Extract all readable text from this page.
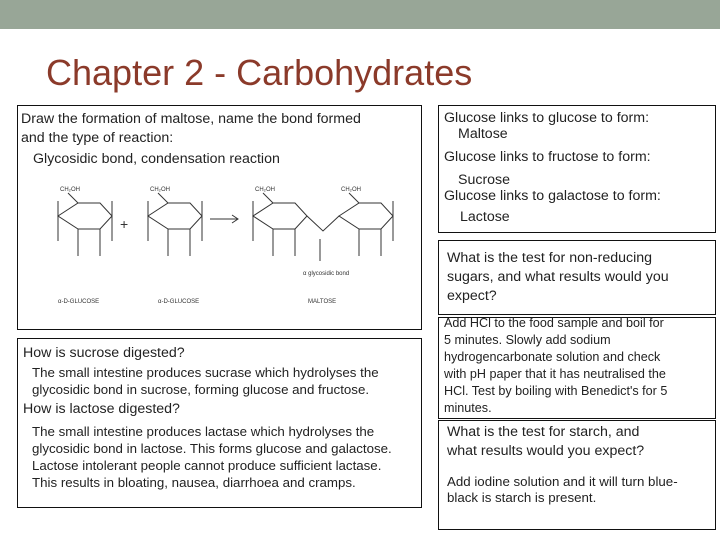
Chapter 2 - Carbohydrates
Draw the formation of maltose, name the bond formed
and the type of reaction:
Glycosidic bond, condensation reaction
CH₂OH	CH₂OH	CH₂OH	CH₂OH
α glycosidic bond
α-D-GLUCOSE	α-D-GLUCOSE	MALTOSE
+
Glucose links to glucose to form:
Maltose
Glucose links to fructose to form:
Sucrose
Glucose links to galactose to form:
Lactose
What is the test for non-reducing
sugars, and what results would you
expect?
Add HCl to the food sample and boil for
5 minutes. Slowly add sodium
hydrogencarbonate solution and check
with pH paper that it has neutralised the
HCl. Test by boiling with Benedict's for 5
minutes.
How is sucrose digested?
The small intestine produces sucrase which hydrolyses the
glycosidic bond in sucrose, forming glucose and fructose.
How is lactose digested?
The small intestine produces lactase which hydrolyses the
glycosidic bond in lactose. This forms glucose and galactose.
Lactose intolerant people cannot produce sufficient lactase.
This results in bloating, nausea, diarrhoea and cramps.
What is the test for starch, and
what results would you expect?
Add iodine solution and it will turn blue-
black is starch is present.
